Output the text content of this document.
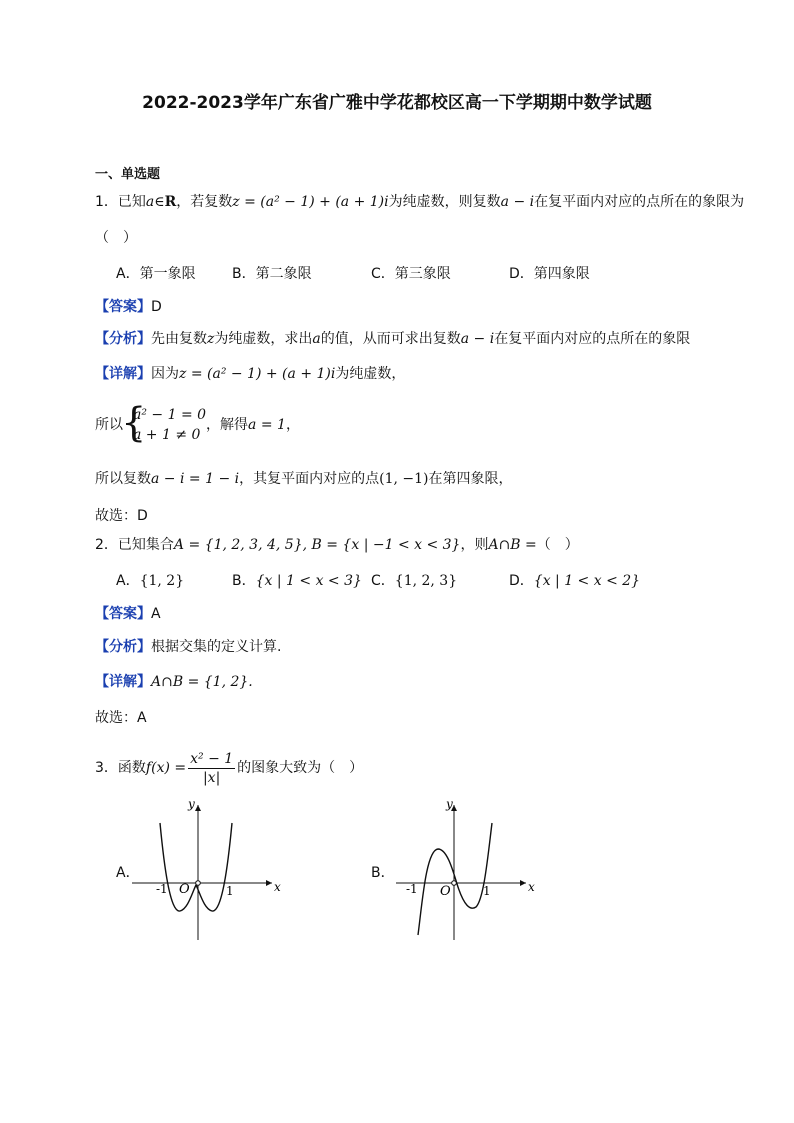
2022-2023学年广东省广雅中学花都校区高一下学期期中数学试题
一、单选题
1．已知a∈R，若复数z = (a² − 1) + (a + 1)i为纯虚数，则复数a − i在复平面内对应的点所在的象限为
（　）
A．第一象限	B．第二象限	C．第三象限	D．第四象限
【答案】D
【分析】先由复数z为纯虚数，求出a的值，从而可求出复数a − i在复平面内对应的点所在的象限
【详解】因为z = (a² − 1) + (a + 1)i为纯虚数，
所以
{
a² − 1 = 0
a + 1 ≠ 0
，解得a = 1，
所以复数a − i = 1 − i，其复平面内对应的点(1, −1)在第四象限，
故选：D
2．已知集合A = {1, 2, 3, 4, 5}, B = {x | −1 < x < 3}，则A∩B =（　）
A．{1, 2}	B．{x | 1 < x < 3} C．{1, 2, 3}	D．{x | 1 < x < 2}
【答案】A
【分析】根据交集的定义计算.
【详解】A∩B = {1, 2}.
故选：A
3．函数$f(x) = \frac{\text{x² − 1}}{|x|}$ 的图象大致为（　）
A．	B．
x
y
O
-1	1	x
y
O
-1	1
